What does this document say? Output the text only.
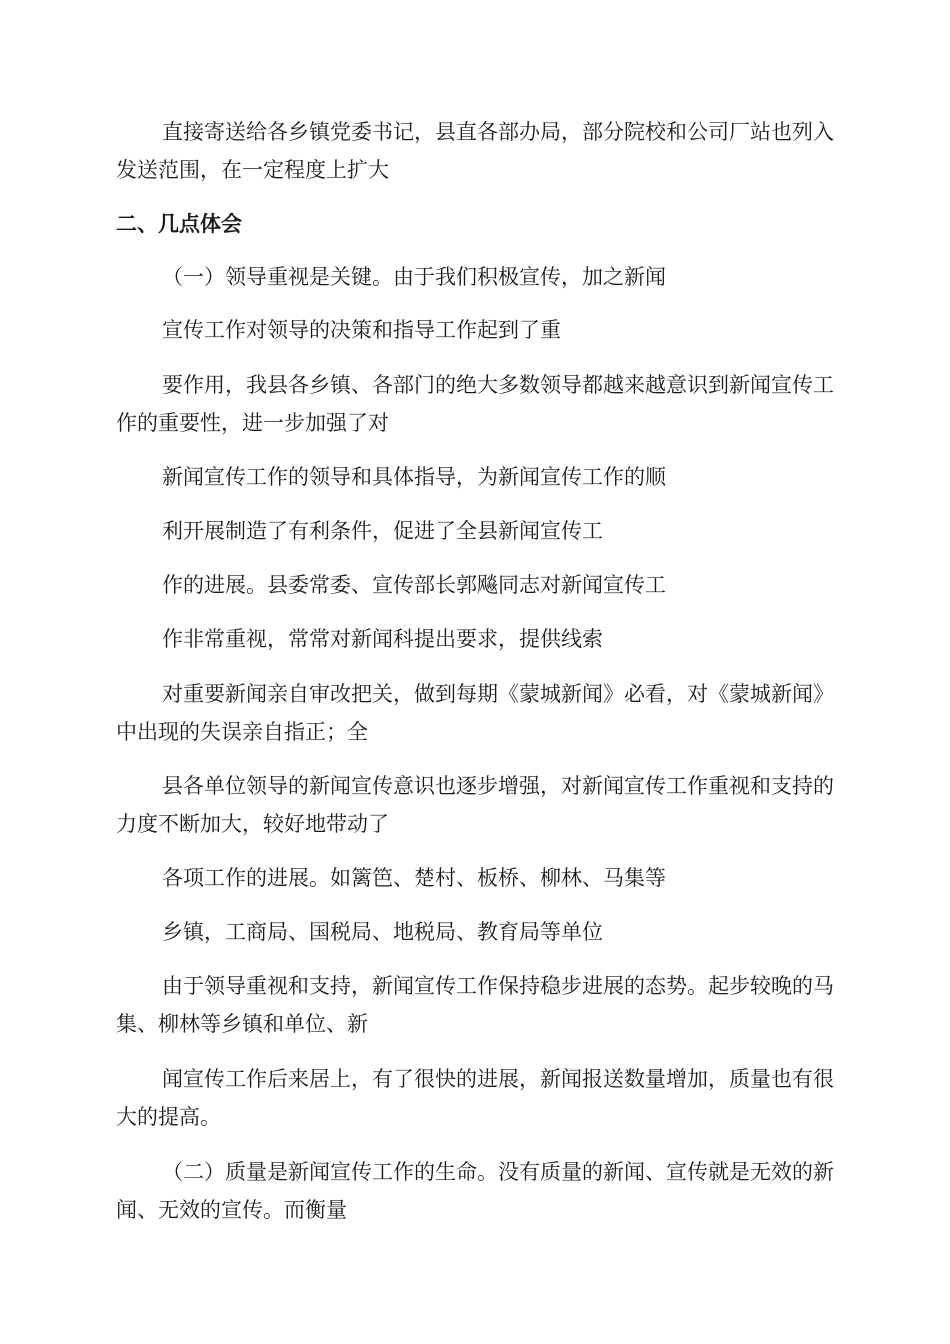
直接寄送给各乡镇党委书记，县直各部办局，部分院校和公司厂站也列入发送范围，在一定程度上扩大

二、几点体会

（一）领导重视是关键。由于我们积极宣传，加之新闻

宣传工作对领导的决策和指导工作起到了重

要作用，我县各乡镇、各部门的绝大多数领导都越来越意识到新闻宣传工作的重要性，进一步加强了对

新闻宣传工作的领导和具体指导，为新闻宣传工作的顺

利开展制造了有利条件，促进了全县新闻宣传工

作的进展。县委常委、宣传部长郭飚同志对新闻宣传工

作非常重视，常常对新闻科提出要求，提供线索

对重要新闻亲自审改把关，做到每期《蒙城新闻》必看，对《蒙城新闻》中出现的失误亲自指正；全

县各单位领导的新闻宣传意识也逐步增强，对新闻宣传工作重视和支持的力度不断加大，较好地带动了

各项工作的进展。如篱笆、楚村、板桥、柳林、马集等

乡镇，工商局、国税局、地税局、教育局等单位

由于领导重视和支持，新闻宣传工作保持稳步进展的态势。起步较晚的马集、柳林等乡镇和单位、新

闻宣传工作后来居上，有了很快的进展，新闻报送数量增加，质量也有很大的提高。

（二）质量是新闻宣传工作的生命。没有质量的新闻、宣传就是无效的新闻、无效的宣传。而衡量
